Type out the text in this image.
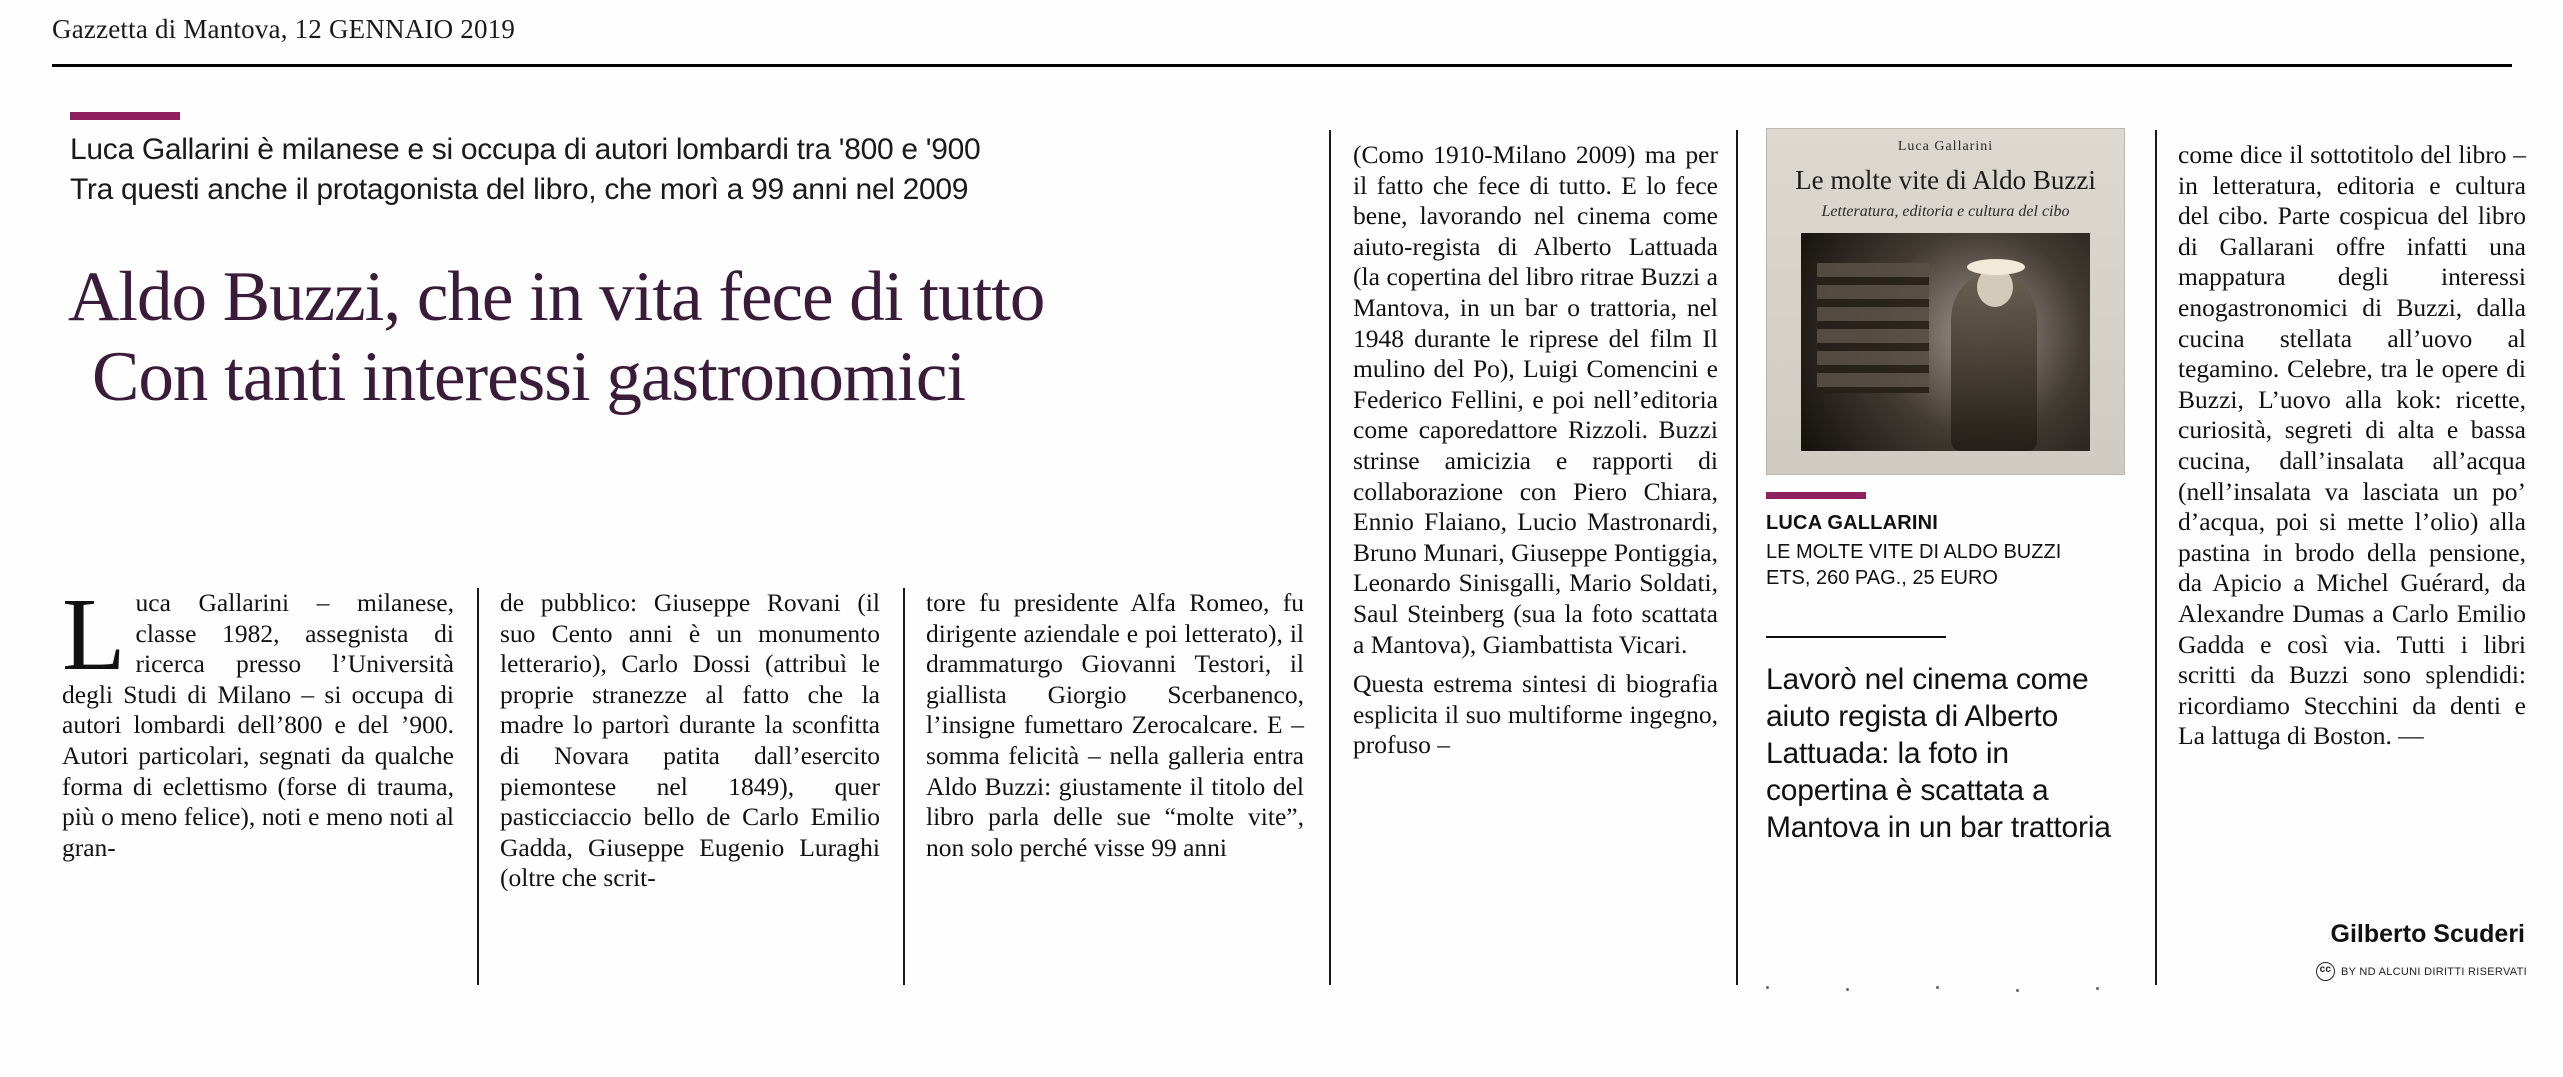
Gazzetta di Mantova, 12 GENNAIO 2019
Luca Gallarini è milanese e si occupa di autori lombardi tra '800 e '900
Tra questi anche il protagonista del libro, che morì a 99 anni nel 2009
Aldo Buzzi, che in vita fece di tutto
Con tanti interessi gastronomici

Luca Gallarini – milanese, classe 1982, assegnista di ricerca presso l’Università degli Studi di Milano – si occupa di autori lombardi dell’800 e del ’900. Autori particolari, segnati da qualche forma di eclettismo (forse di trauma, più o meno felice), noti e meno noti al gran-

de pubblico: Giuseppe Rovani (il suo Cento anni è un monumento letterario), Carlo Dossi (attribuì le proprie stranezze al fatto che la madre lo partorì durante la sconfitta di Novara patita dall’esercito piemontese nel 1849), quer pasticciaccio bello de Carlo Emilio Gadda, Giuseppe Eugenio Luraghi (oltre che scrit-

tore fu presidente Alfa Romeo, fu dirigente aziendale e poi letterato), il drammaturgo Giovanni Testori, il giallista Giorgio Scerbanenco, l’insigne fumettaro Zerocalcare. E – somma felicità – nella galleria entra Aldo Buzzi: giustamente il titolo del libro parla delle sue “molte vite”, non solo perché visse 99 anni

(Como 1910-Milano 2009) ma per il fatto che fece di tutto. E lo fece bene, lavorando nel cinema come aiuto-regista di Alberto Lattuada (la copertina del libro ritrae Buzzi a Mantova, in un bar o trattoria, nel 1948 durante le riprese del film Il mulino del Po), Luigi Comencini e Federico Fellini, e poi nell’editoria come caporedattore Rizzoli. Buzzi strinse amicizia e rapporti di collaborazione con Piero Chiara, Ennio Flaiano, Lucio Mastronardi, Bruno Munari, Giuseppe Pontiggia, Leonardo Sinisgalli, Mario Soldati, Saul Steinberg (sua la foto scattata a Mantova), Giambattista Vicari.

Questa estrema sintesi di biografia esplicita il suo multiforme ingegno, profuso –

Luca Gallarini
Le molte vite di Aldo Buzzi
Letteratura, editoria e cultura del cibo
LUCA GALLARINI
LE MOLTE VITE DI ALDO BUZZI
ETS, 260 PAG., 25 EURO
Lavorò nel cinema come aiuto regista di Alberto Lattuada: la foto in copertina è scattata a Mantova in un bar trattoria

come dice il sottotitolo del libro – in letteratura, editoria e cultura del cibo. Parte cospicua del libro di Gallarani offre infatti una mappatura degli interessi enogastronomici di Buzzi, dalla cucina stellata all’uovo al tegamino. Celebre, tra le opere di Buzzi, L’uovo alla kok: ricette, curiosità, segreti di alta e bassa cucina, dall’insalata all’acqua (nell’insalata va lasciata un po’ d’acqua, poi si mette l’olio) alla pastina in brodo della pensione, da Apicio a Michel Guérard, da Alexandre Dumas a Carlo Emilio Gadda e così via. Tutti i libri scritti da Buzzi sono splendidi: ricordiamo Stecchini da denti e La lattuga di Boston. —

Gilberto Scuderi
cc BY ND ALCUNI DIRITTI RISERVATI
